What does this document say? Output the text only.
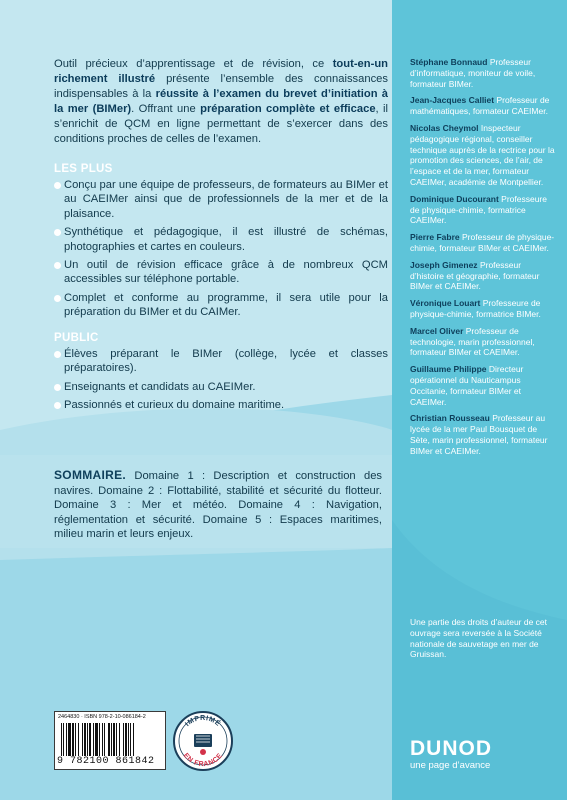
Outil précieux d’apprentissage et de révision, ce tout-en-un richement illustré présente l’ensemble des connaissances indispensables à la réussite à l’examen du brevet d’initiation à la mer (BIMer). Offrant une préparation complète et efficace, il s’enrichit de QCM en ligne permettant de s’exercer dans des conditions proches de celles de l’examen.
LES PLUS
Conçu par une équipe de professeurs, de formateurs au BIMer et au CAEIMer ainsi que de professionnels de la mer et de la plaisance.
Synthétique et pédagogique, il est illustré de schémas, photographies et cartes en couleurs.
Un outil de révision efficace grâce à de nombreux QCM accessibles sur téléphone portable.
Complet et conforme au programme, il sera utile pour la préparation du BIMer et du CAIMer.
PUBLIC
Élèves préparant le BIMer (collège, lycée et classes préparatoires).
Enseignants et candidats au CAEIMer.
Passionnés et curieux du domaine maritime.
SOMMAIRE. Domaine 1 : Description et construction des navires. Domaine 2 : Flottabilité, stabilité et sécurité du flotteur. Domaine 3 : Mer et météo. Domaine 4 : Navigation, réglementation et sécurité. Domaine 5 : Espaces maritimes, milieu marin et leurs enjeux.
Stéphane Bonnaud Professeur d’informatique, moniteur de voile, formateur BIMer.
Jean-Jacques Calliet Professeur de mathématiques, formateur CAEIMer.
Nicolas Cheymol Inspecteur pédagogique régional, conseiller technique auprès de la rectrice pour la promotion des sciences, de l’air, de l’espace et de la mer, formateur CAEIMer, académie de Montpellier.
Dominique Ducourant Professeure de physique-chimie, formatrice CAEIMer.
Pierre Fabre Professeur de physique-chimie, formateur BIMer et CAEIMer.
Joseph Gimenez Professeur d’histoire et géographie, formateur BIMer et CAEIMer.
Véronique Louart Professeure de physique-chimie, formatrice BIMer.
Marcel Oliver Professeur de technologie, marin professionnel, formateur BIMer et CAEIMer.
Guillaume Philippe Directeur opérationnel du Nauticampus Occitanie, formateur BIMer et CAEIMer.
Christian Rousseau Professeur au lycée de la mer Paul Bousquet de Sète, marin professionnel, formateur BIMer et CAEIMer.
Une partie des droits d’auteur de cet ouvrage sera reversée à la Société nationale de sauvetage en mer de Gruissan.
2464830 · ISBN 978-2-10-086184-2
9 782100 861842
IMPRIMÉ
EN FRANCE	DUNOD
une page d’avance
